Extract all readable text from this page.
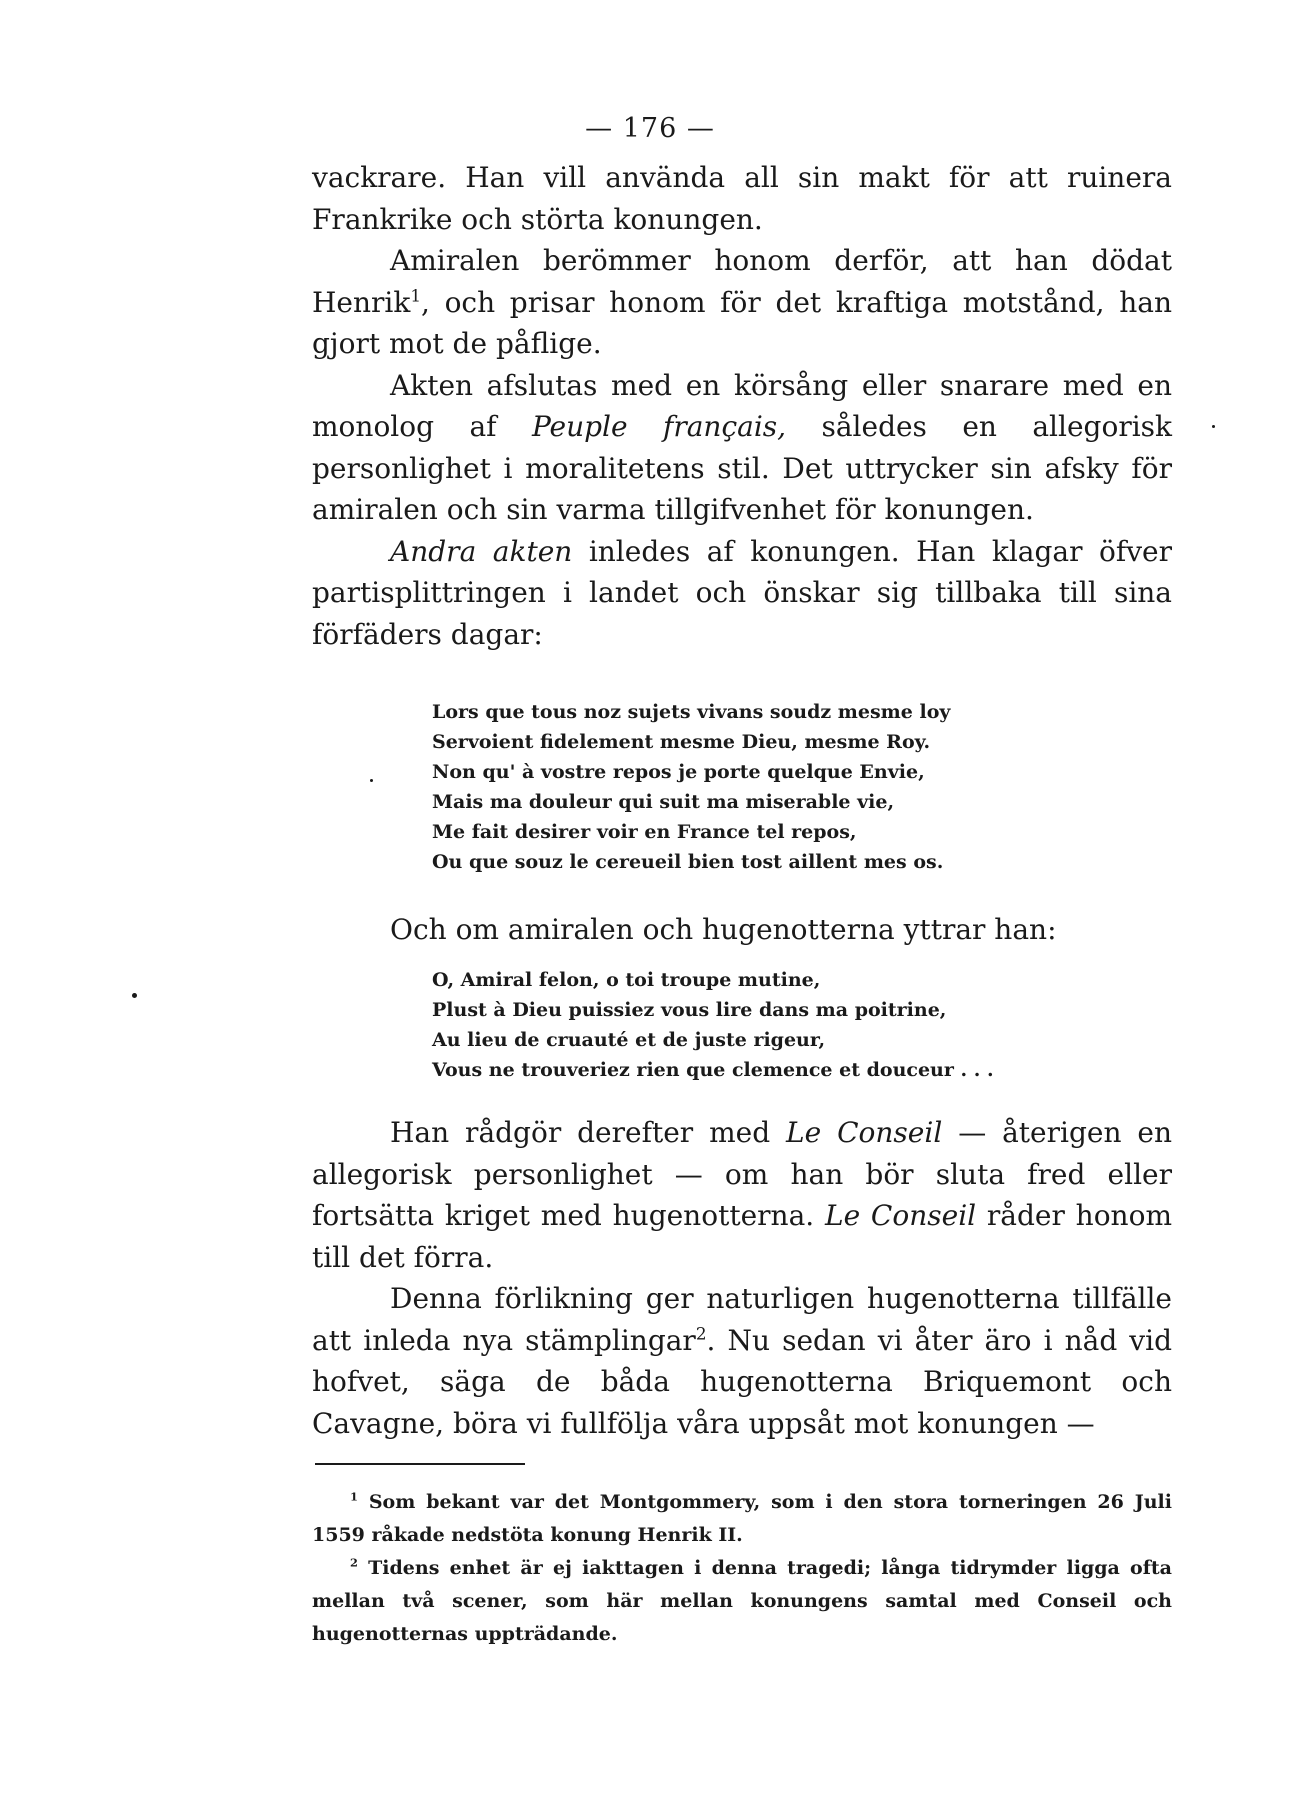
— 176 —

vackrare. Han vill använda all sin makt för att ruinera Frankrike och störta konungen.

Amiralen berömmer honom derför, att han dödat Henrik$^1$, och prisar honom för det kraftiga motstånd, han gjort mot de påflige.

Akten afslutas med en körsång eller snarare med en monolog af Peuple français, således en allegorisk personlighet i moralitetens stil. Det uttrycker sin afsky för amiralen och sin varma tillgifvenhet för konungen.

Andra akten inledes af konungen. Han klagar öfver partisplittringen i landet och önskar sig tillbaka till sina förfäders dagar:

Lors que tous noz sujets vivans soudz mesme loy
Servoient fidelement mesme Dieu, mesme Roy.
Non qu' à vostre repos je porte quelque Envie,
Mais ma douleur qui suit ma miserable vie,
Me fait desirer voir en France tel repos,
Ou que souz le cereueil bien tost aillent mes os.

Och om amiralen och hugenotterna yttrar han:

O, Amiral felon, o toi troupe mutine,
Plust à Dieu puissiez vous lire dans ma poitrine,
Au lieu de cruauté et de juste rigeur,
Vous ne trouveriez rien que clemence et douceur . . .

Han rådgör derefter med Le Conseil — återigen en allegorisk personlighet — om han bör sluta fred eller fortsätta kriget med hugenotterna. Le Conseil råder honom till det förra.

Denna förlikning ger naturligen hugenotterna tillfälle att inleda nya stämplingar$^2$. Nu sedan vi åter äro i nåd vid hofvet, säga de båda hugenotterna Briquemont och Cavagne, böra vi fullfölja våra uppsåt mot konungen —

$^1$ Som bekant var det Montgommery, som i den stora torneringen 26 Juli 1559 råkade nedstöta konung Henrik II.

$^2$ Tidens enhet är ej iakttagen i denna tragedi; långa tidrymder ligga ofta mellan två scener, som här mellan konungens samtal med Conseil och hugenotternas uppträdande.
